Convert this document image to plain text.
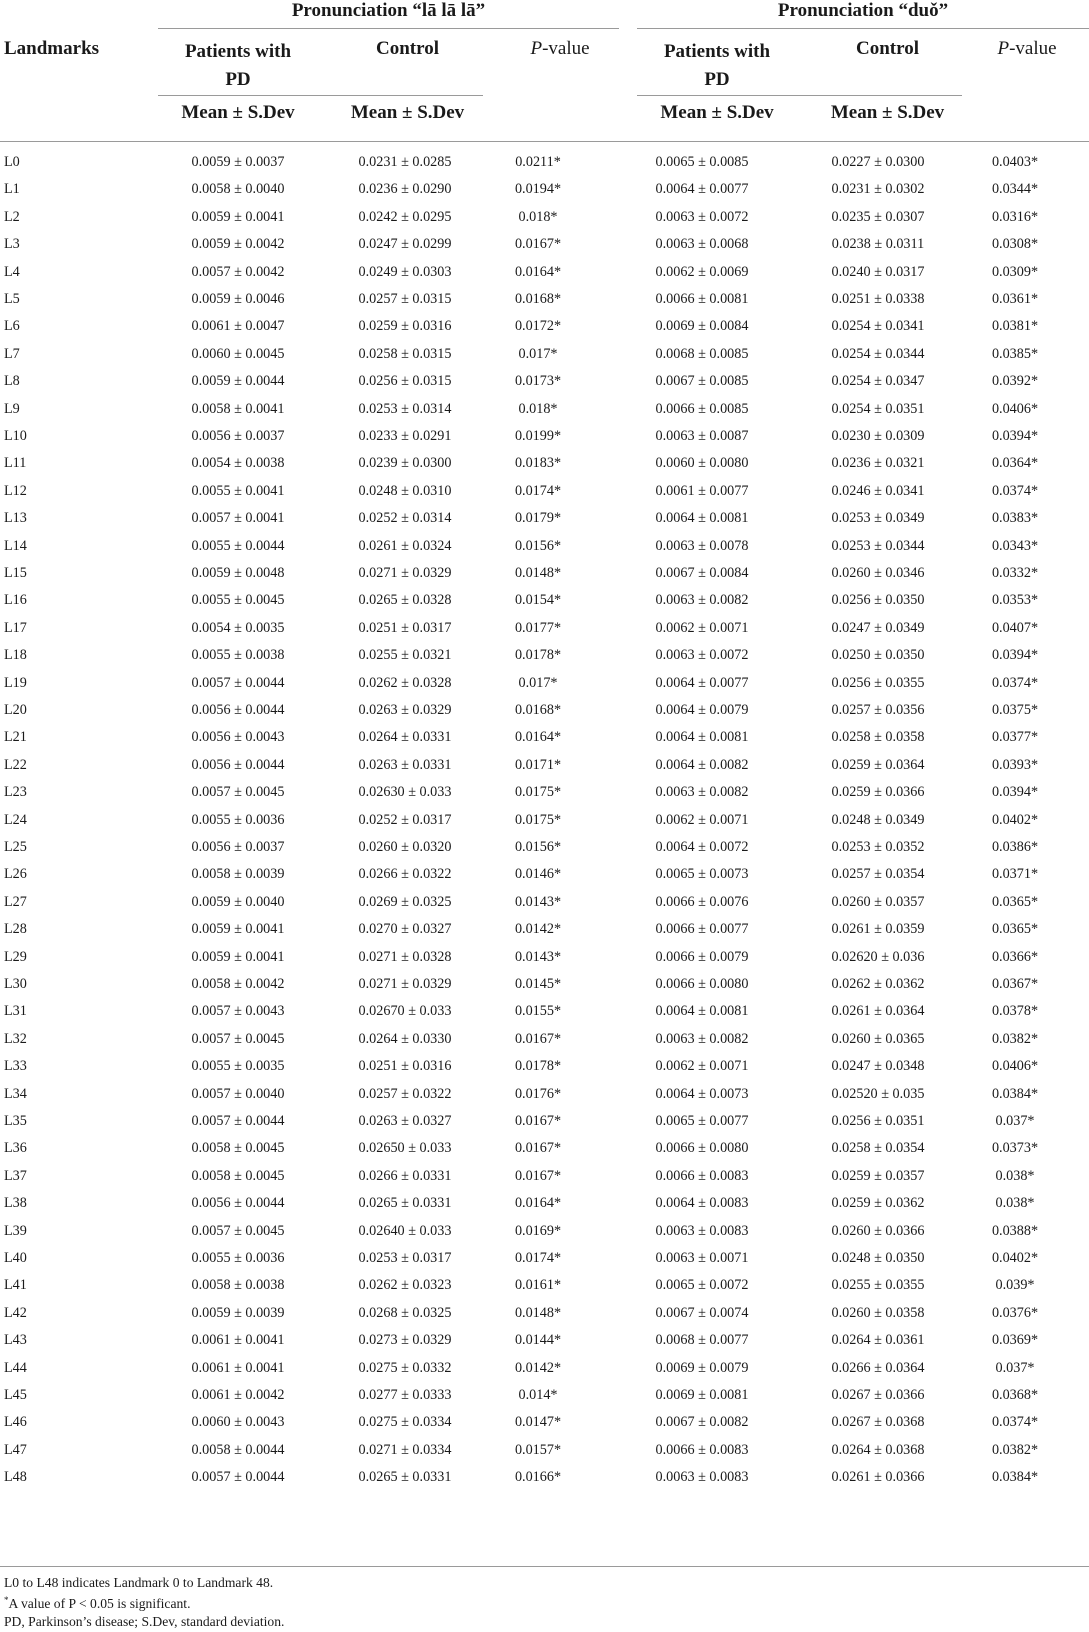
Landmarks
Pronunciation “lā lā lā”	Pronunciation “duǒ”
Patients with
PD
Control	P-value	Patients with
PD
Control	P-value
Mean ± S.Dev	Mean ± S.Dev	Mean ± S.Dev	Mean ± S.Dev
L0	0.0059 ± 0.0037	0.0231 ± 0.0285	0.0211*	0.0065 ± 0.0085	0.0227 ± 0.0300	0.0403*
L1	0.0058 ± 0.0040	0.0236 ± 0.0290	0.0194*	0.0064 ± 0.0077	0.0231 ± 0.0302	0.0344*
L2	0.0059 ± 0.0041	0.0242 ± 0.0295	0.018*	0.0063 ± 0.0072	0.0235 ± 0.0307	0.0316*
L3	0.0059 ± 0.0042	0.0247 ± 0.0299	0.0167*	0.0063 ± 0.0068	0.0238 ± 0.0311	0.0308*
L4	0.0057 ± 0.0042	0.0249 ± 0.0303	0.0164*	0.0062 ± 0.0069	0.0240 ± 0.0317	0.0309*
L5	0.0059 ± 0.0046	0.0257 ± 0.0315	0.0168*	0.0066 ± 0.0081	0.0251 ± 0.0338	0.0361*
L6	0.0061 ± 0.0047	0.0259 ± 0.0316	0.0172*	0.0069 ± 0.0084	0.0254 ± 0.0341	0.0381*
L7	0.0060 ± 0.0045	0.0258 ± 0.0315	0.017*	0.0068 ± 0.0085	0.0254 ± 0.0344	0.0385*
L8	0.0059 ± 0.0044	0.0256 ± 0.0315	0.0173*	0.0067 ± 0.0085	0.0254 ± 0.0347	0.0392*
L9	0.0058 ± 0.0041	0.0253 ± 0.0314	0.018*	0.0066 ± 0.0085	0.0254 ± 0.0351	0.0406*
L10	0.0056 ± 0.0037	0.0233 ± 0.0291	0.0199*	0.0063 ± 0.0087	0.0230 ± 0.0309	0.0394*
L11	0.0054 ± 0.0038	0.0239 ± 0.0300	0.0183*	0.0060 ± 0.0080	0.0236 ± 0.0321	0.0364*
L12	0.0055 ± 0.0041	0.0248 ± 0.0310	0.0174*	0.0061 ± 0.0077	0.0246 ± 0.0341	0.0374*
L13	0.0057 ± 0.0041	0.0252 ± 0.0314	0.0179*	0.0064 ± 0.0081	0.0253 ± 0.0349	0.0383*
L14	0.0055 ± 0.0044	0.0261 ± 0.0324	0.0156*	0.0063 ± 0.0078	0.0253 ± 0.0344	0.0343*
L15	0.0059 ± 0.0048	0.0271 ± 0.0329	0.0148*	0.0067 ± 0.0084	0.0260 ± 0.0346	0.0332*
L16	0.0055 ± 0.0045	0.0265 ± 0.0328	0.0154*	0.0063 ± 0.0082	0.0256 ± 0.0350	0.0353*
L17	0.0054 ± 0.0035	0.0251 ± 0.0317	0.0177*	0.0062 ± 0.0071	0.0247 ± 0.0349	0.0407*
L18	0.0055 ± 0.0038	0.0255 ± 0.0321	0.0178*	0.0063 ± 0.0072	0.0250 ± 0.0350	0.0394*
L19	0.0057 ± 0.0044	0.0262 ± 0.0328	0.017*	0.0064 ± 0.0077	0.0256 ± 0.0355	0.0374*
L20	0.0056 ± 0.0044	0.0263 ± 0.0329	0.0168*	0.0064 ± 0.0079	0.0257 ± 0.0356	0.0375*
L21	0.0056 ± 0.0043	0.0264 ± 0.0331	0.0164*	0.0064 ± 0.0081	0.0258 ± 0.0358	0.0377*
L22	0.0056 ± 0.0044	0.0263 ± 0.0331	0.0171*	0.0064 ± 0.0082	0.0259 ± 0.0364	0.0393*
L23	0.0057 ± 0.0045	0.02630 ± 0.033	0.0175*	0.0063 ± 0.0082	0.0259 ± 0.0366	0.0394*
L24	0.0055 ± 0.0036	0.0252 ± 0.0317	0.0175*	0.0062 ± 0.0071	0.0248 ± 0.0349	0.0402*
L25	0.0056 ± 0.0037	0.0260 ± 0.0320	0.0156*	0.0064 ± 0.0072	0.0253 ± 0.0352	0.0386*
L26	0.0058 ± 0.0039	0.0266 ± 0.0322	0.0146*	0.0065 ± 0.0073	0.0257 ± 0.0354	0.0371*
L27	0.0059 ± 0.0040	0.0269 ± 0.0325	0.0143*	0.0066 ± 0.0076	0.0260 ± 0.0357	0.0365*
L28	0.0059 ± 0.0041	0.0270 ± 0.0327	0.0142*	0.0066 ± 0.0077	0.0261 ± 0.0359	0.0365*
L29	0.0059 ± 0.0041	0.0271 ± 0.0328	0.0143*	0.0066 ± 0.0079	0.02620 ± 0.036	0.0366*
L30	0.0058 ± 0.0042	0.0271 ± 0.0329	0.0145*	0.0066 ± 0.0080	0.0262 ± 0.0362	0.0367*
L31	0.0057 ± 0.0043	0.02670 ± 0.033	0.0155*	0.0064 ± 0.0081	0.0261 ± 0.0364	0.0378*
L32	0.0057 ± 0.0045	0.0264 ± 0.0330	0.0167*	0.0063 ± 0.0082	0.0260 ± 0.0365	0.0382*
L33	0.0055 ± 0.0035	0.0251 ± 0.0316	0.0178*	0.0062 ± 0.0071	0.0247 ± 0.0348	0.0406*
L34	0.0057 ± 0.0040	0.0257 ± 0.0322	0.0176*	0.0064 ± 0.0073	0.02520 ± 0.035	0.0384*
L35	0.0057 ± 0.0044	0.0263 ± 0.0327	0.0167*	0.0065 ± 0.0077	0.0256 ± 0.0351	0.037*
L36	0.0058 ± 0.0045	0.02650 ± 0.033	0.0167*	0.0066 ± 0.0080	0.0258 ± 0.0354	0.0373*
L37	0.0058 ± 0.0045	0.0266 ± 0.0331	0.0167*	0.0066 ± 0.0083	0.0259 ± 0.0357	0.038*
L38	0.0056 ± 0.0044	0.0265 ± 0.0331	0.0164*	0.0064 ± 0.0083	0.0259 ± 0.0362	0.038*
L39	0.0057 ± 0.0045	0.02640 ± 0.033	0.0169*	0.0063 ± 0.0083	0.0260 ± 0.0366	0.0388*
L40	0.0055 ± 0.0036	0.0253 ± 0.0317	0.0174*	0.0063 ± 0.0071	0.0248 ± 0.0350	0.0402*
L41	0.0058 ± 0.0038	0.0262 ± 0.0323	0.0161*	0.0065 ± 0.0072	0.0255 ± 0.0355	0.039*
L42	0.0059 ± 0.0039	0.0268 ± 0.0325	0.0148*	0.0067 ± 0.0074	0.0260 ± 0.0358	0.0376*
L43	0.0061 ± 0.0041	0.0273 ± 0.0329	0.0144*	0.0068 ± 0.0077	0.0264 ± 0.0361	0.0369*
L44	0.0061 ± 0.0041	0.0275 ± 0.0332	0.0142*	0.0069 ± 0.0079	0.0266 ± 0.0364	0.037*
L45	0.0061 ± 0.0042	0.0277 ± 0.0333	0.014*	0.0069 ± 0.0081	0.0267 ± 0.0366	0.0368*
L46	0.0060 ± 0.0043	0.0275 ± 0.0334	0.0147*	0.0067 ± 0.0082	0.0267 ± 0.0368	0.0374*
L47	0.0058 ± 0.0044	0.0271 ± 0.0334	0.0157*	0.0066 ± 0.0083	0.0264 ± 0.0368	0.0382*
L48	0.0057 ± 0.0044	0.0265 ± 0.0331	0.0166*	0.0063 ± 0.0083	0.0261 ± 0.0366	0.0384*
L0 to L48 indicates Landmark 0 to Landmark 48.
*A value of P < 0.05 is significant.
PD, Parkinson’s disease; S.Dev, standard deviation.
